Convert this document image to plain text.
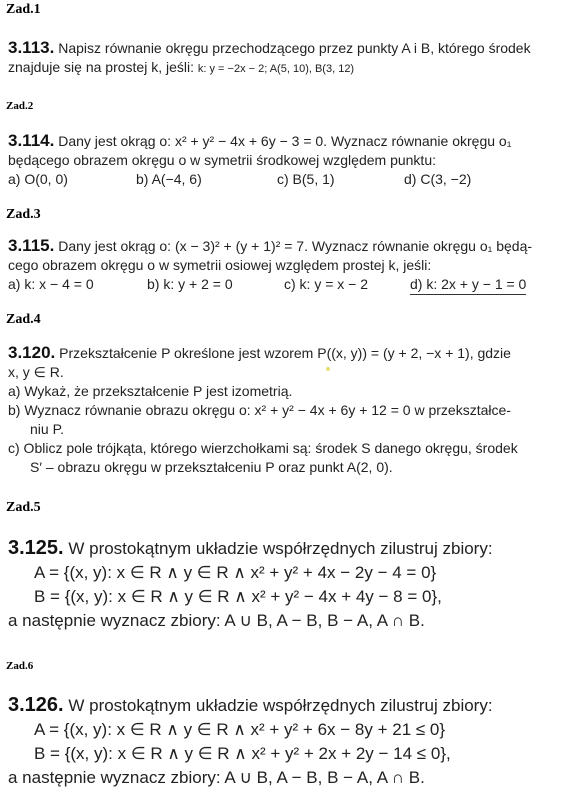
Zad.1
3.113. Napisz równanie okręgu przechodzącego przez punkty A i B, którego środek
znajduje się na prostej k, jeśli: k: y = −2x − 2; A(5, 10), B(3, 12)
Zad.2
3.114. Dany jest okrąg o: x² + y² − 4x + 6y − 3 = 0. Wyznacz równanie okręgu o₁
będącego obrazem okręgu o w symetrii środkowej względem punktu:
a) O(0, 0)	b) A(−4, 6)	c) B(5, 1)	d) C(3, −2)
Zad.3
3.115. Dany jest okrąg o: (x − 3)² + (y + 1)² = 7. Wyznacz równanie okręgu o₁ będą-
cego obrazem okręgu o w symetrii osiowej względem prostej k, jeśli:
a) k: x − 4 = 0	b) k: y + 2 = 0	c) k: y = x − 2	d) k: 2x + y − 1 = 0
Zad.4
3.120. Przekształcenie P określone jest wzorem P((x, y)) = (y + 2, −x + 1), gdzie
x, y ∈ R.
a) Wykaż, że przekształcenie P jest izometrią.
b) Wyznacz równanie obrazu okręgu o: x² + y² − 4x + 6y + 12 = 0 w przekształce-
niu P.
c) Oblicz pole trójkąta, którego wierzchołkami są: środek S danego okręgu, środek
S′ – obrazu okręgu w przekształceniu P oraz punkt A(2, 0).
Zad.5
3.125. W prostokątnym układzie współrzędnych zilustruj zbiory:
A = {(x, y): x ∈ R ∧ y ∈ R ∧ x² + y² + 4x − 2y − 4 = 0}
B = {(x, y): x ∈ R ∧ y ∈ R ∧ x² + y² − 4x + 4y − 8 = 0},
a następnie wyznacz zbiory: A ∪ B, A − B, B − A, A ∩ B.
Zad.6
3.126. W prostokątnym układzie współrzędnych zilustruj zbiory:
A = {(x, y): x ∈ R ∧ y ∈ R ∧ x² + y² + 6x − 8y + 21 ≤ 0}
B = {(x, y): x ∈ R ∧ y ∈ R ∧ x² + y² + 2x + 2y − 14 ≤ 0},
a następnie wyznacz zbiory: A ∪ B, A − B, B − A, A ∩ B.
